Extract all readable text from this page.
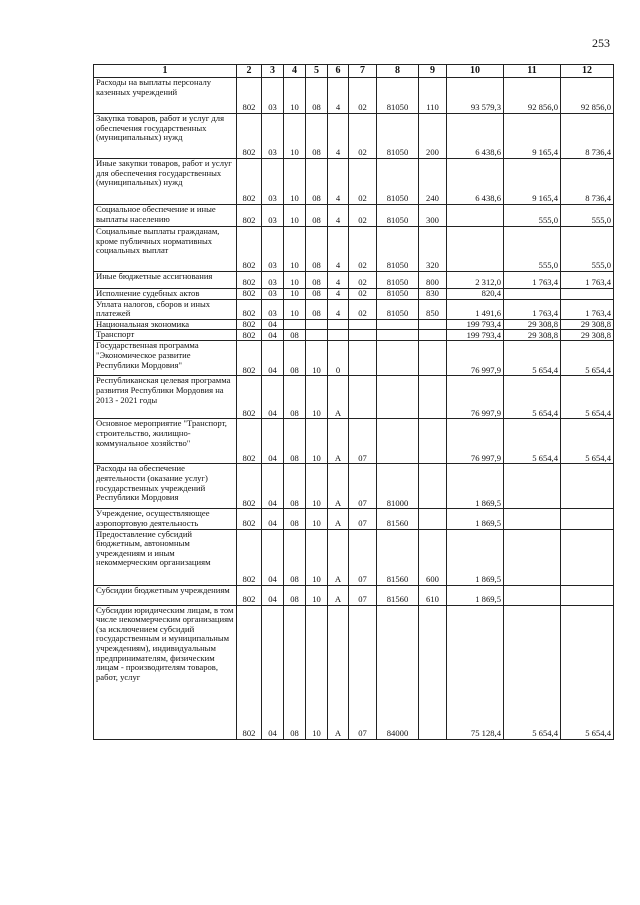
253
1	2	3	4	5	6	7	8	9	10	11	12
Расходы на выплаты персоналу казенных учреждений	802	03	10	08	4	02	81050	110	93 579,3	92 856,0	92 856,0
Закупка товаров, работ и услуг для обеспечения государственных (муниципальных) нужд	802	03	10	08	4	02	81050	200	6 438,6	9 165,4	8 736,4
Иные закупки товаров, работ и услуг для обеспечения государственных (муниципальных) нужд	802	03	10	08	4	02	81050	240	6 438,6	9 165,4	8 736,4
Социальное обеспечение и иные выплаты населению	802	03	10	08	4	02	81050	300		555,0	555,0
Социальные выплаты гражданам, кроме публичных нормативных социальных выплат	802	03	10	08	4	02	81050	320		555,0	555,0
Иные бюджетные ассигнования	802	03	10	08	4	02	81050	800	2 312,0	1 763,4	1 763,4
Исполнение судебных актов	802	03	10	08	4	02	81050	830	820,4		
Уплата налогов, сборов и иных платежей	802	03	10	08	4	02	81050	850	1 491,6	1 763,4	1 763,4
Национальная экономика	802	04							199 793,4	29 308,8	29 308,8
Транспорт	802	04	08						199 793,4	29 308,8	29 308,8
Государственная программа "Экономическое развитие Республики Мордовия"	802	04	08	10	0				76 997,9	5 654,4	5 654,4
Республиканская целевая программа развития Республики Мордовия на 2013 - 2021 годы	802	04	08	10	А				76 997,9	5 654,4	5 654,4
Основное мероприятие "Транспорт, строительство, жилищно-коммунальное хозяйство"	802	04	08	10	А	07			76 997,9	5 654,4	5 654,4
Расходы на обеспечение деятельности (оказание услуг) государственных учреждений Республики Мордовия	802	04	08	10	А	07	81000		1 869,5		
Учреждение, осуществляющее аэропортовую деятельность	802	04	08	10	А	07	81560		1 869,5		
Предоставление субсидий бюджетным, автономным учреждениям и иным некоммерческим организациям	802	04	08	10	А	07	81560	600	1 869,5		
Субсидии бюджетным учреждениям	802	04	08	10	А	07	81560	610	1 869,5		
Субсидии юридическим лицам, в том числе некоммерческим организациям (за исключением субсидий государственным и муниципальным учреждениям), индивидуальным предпринимателям, физическим лицам - производителям товаров, работ, услуг	802	04	08	10	А	07	84000		75 128,4	5 654,4	5 654,4
